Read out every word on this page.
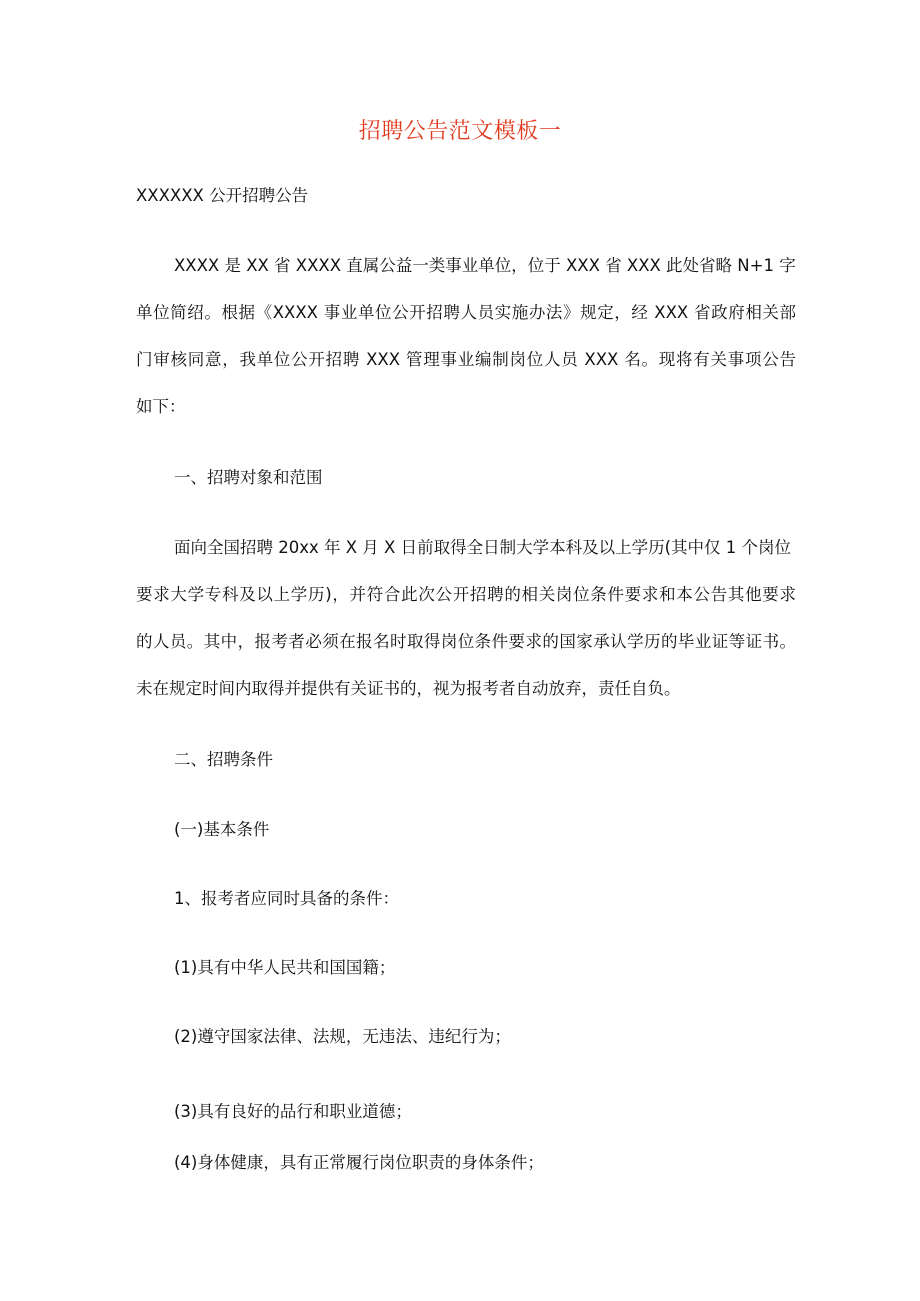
招聘公告范文模板一
XXXXXX 公开招聘公告
XXXX 是 XX 省 XXXX 直属公益一类事业单位，位于 XXX 省 XXX 此处省略 N+1 字
单位简绍。根据《XXXX 事业单位公开招聘人员实施办法》规定，经 XXX 省政府相关部
门审核同意，我单位公开招聘 XXX 管理事业编制岗位人员 XXX 名。现将有关事项公告
如下：
一、招聘对象和范围
面向全国招聘 20xx 年 X 月 X 日前取得全日制大学本科及以上学历(其中仅 1 个岗位
要求大学专科及以上学历)，并符合此次公开招聘的相关岗位条件要求和本公告其他要求
的人员。其中，报考者必须在报名时取得岗位条件要求的国家承认学历的毕业证等证书。
未在规定时间内取得并提供有关证书的，视为报考者自动放弃，责任自负。
二、招聘条件
(一)基本条件
1、报考者应同时具备的条件：
(1)具有中华人民共和国国籍；
(2)遵守国家法律、法规，无违法、违纪行为；
(3)具有良好的品行和职业道德；
(4)身体健康，具有正常履行岗位职责的身体条件；
